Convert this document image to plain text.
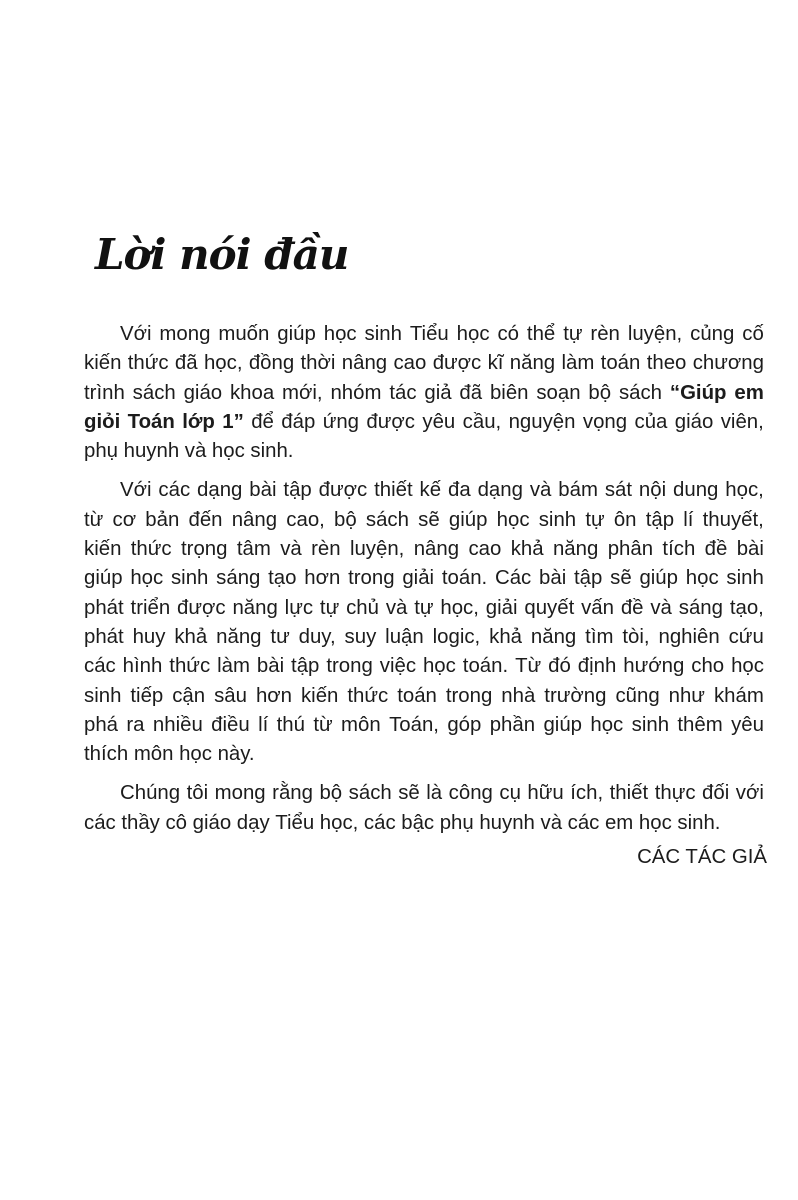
Lời nói đầu
Với mong muốn giúp học sinh Tiểu học có thể tự rèn luyện, củng cố
kiến thức đã học, đồng thời nâng cao được kĩ năng làm toán theo chương
trình sách giáo khoa mới, nhóm tác giả đã biên soạn bộ sách “Giúp em
giỏi Toán lớp 1” để đáp ứng được yêu cầu, nguyện vọng của giáo viên,
phụ huynh và học sinh.
Với các dạng bài tập được thiết kế đa dạng và bám sát nội dung học,
từ cơ bản đến nâng cao, bộ sách sẽ giúp học sinh tự ôn tập lí thuyết,
kiến thức trọng tâm và rèn luyện, nâng cao khả năng phân tích đề bài
giúp học sinh sáng tạo hơn trong giải toán. Các bài tập sẽ giúp học sinh
phát triển được năng lực tự chủ và tự học, giải quyết vấn đề và sáng tạo,
phát huy khả năng tư duy, suy luận logic, khả năng tìm tòi, nghiên cứu
các hình thức làm bài tập trong việc học toán. Từ đó định hướng cho học
sinh tiếp cận sâu hơn kiến thức toán trong nhà trường cũng như khám
phá ra nhiều điều lí thú từ môn Toán, góp phần giúp học sinh thêm yêu
thích môn học này.
Chúng tôi mong rằng bộ sách sẽ là công cụ hữu ích, thiết thực đối với
các thầy cô giáo dạy Tiểu học, các bậc phụ huynh và các em học sinh.
CÁC TÁC GIẢ
